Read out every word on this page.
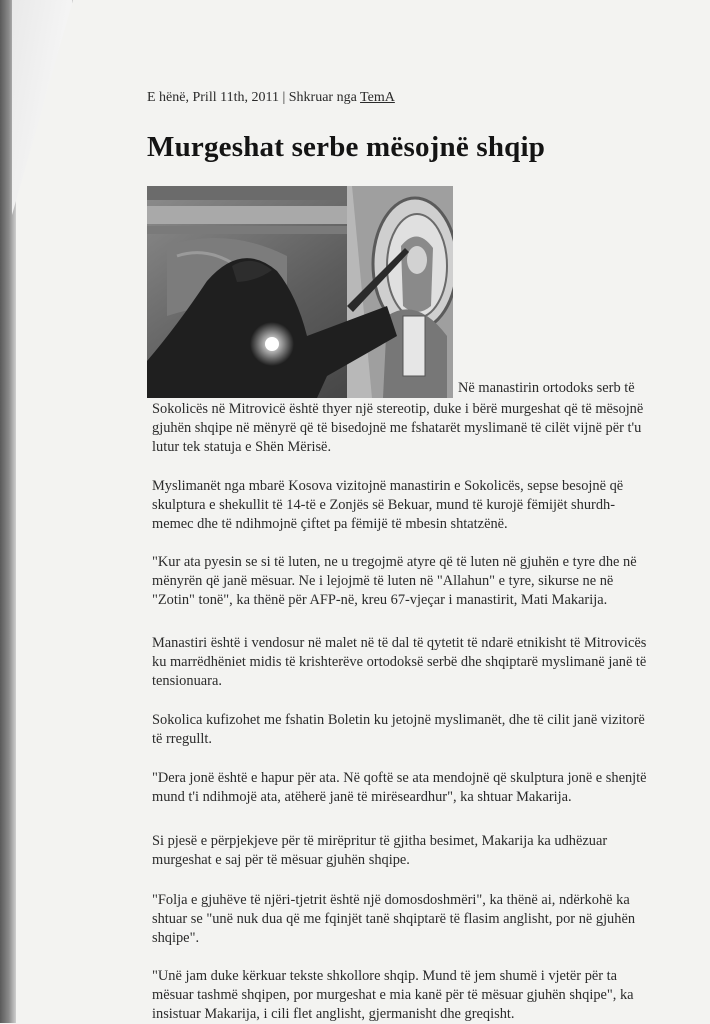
E hënë, Prill 11th, 2011 | Shkruar nga TemA
Murgeshat serbe mësojnë shqip
Në manastirin ortodoks serb të

Sokolicës në Mitrovicë është thyer një stereotip, duke i bërë murgeshat që të mësojnë
gjuhën shqipe në mënyrë që të bisedojnë me fshatarët myslimanë të cilët vijnë për t'u
lutur tek statuja e Shën Mërisë.

Myslimanët nga mbarë Kosova vizitojnë manastirin e Sokolicës, sepse besojnë që
skulptura e shekullit të 14-të e Zonjës së Bekuar, mund të kurojë fëmijët shurdh-
memec dhe të ndihmojnë çiftet pa fëmijë të mbesin shtatzënë.

"Kur ata pyesin se si të luten, ne u tregojmë atyre që të luten në gjuhën e tyre dhe në
mënyrën që janë mësuar. Ne i lejojmë të luten në "Allahun" e tyre, sikurse ne në
"Zotin" tonë", ka thënë për AFP-në, kreu 67-vjeçar i manastirit, Mati Makarija.

Manastiri është i vendosur në malet në të dal të qytetit të ndarë etnikisht të Mitrovicës
ku marrëdhëniet midis të krishterëve ortodoksë serbë dhe shqiptarë myslimanë janë të
tensionuara.

Sokolica kufizohet me fshatin Boletin ku jetojnë myslimanët, dhe të cilit janë vizitorë
të rregullt.

"Dera jonë është e hapur për ata. Në qoftë se ata mendojnë që skulptura jonë e shenjtë
mund t'i ndihmojë ata, atëherë janë të mirëseardhur", ka shtuar Makarija.

Si pjesë e përpjekjeve për të mirëpritur të gjitha besimet, Makarija ka udhëzuar
murgeshat e saj për të mësuar gjuhën shqipe.

"Folja e gjuhëve të njëri-tjetrit është një domosdoshmëri", ka thënë ai, ndërkohë ka
shtuar se "unë nuk dua që me fqinjët tanë shqiptarë të flasim anglisht, por në gjuhën
shqipe".

"Unë jam duke kërkuar tekste shkollore shqip. Mund të jem shumë i vjetër për ta
mësuar tashmë shqipen, por murgeshat e mia kanë për të mësuar gjuhën shqipe", ka
insistuar Makarija, i cili flet anglisht, gjermanisht dhe greqisht.
